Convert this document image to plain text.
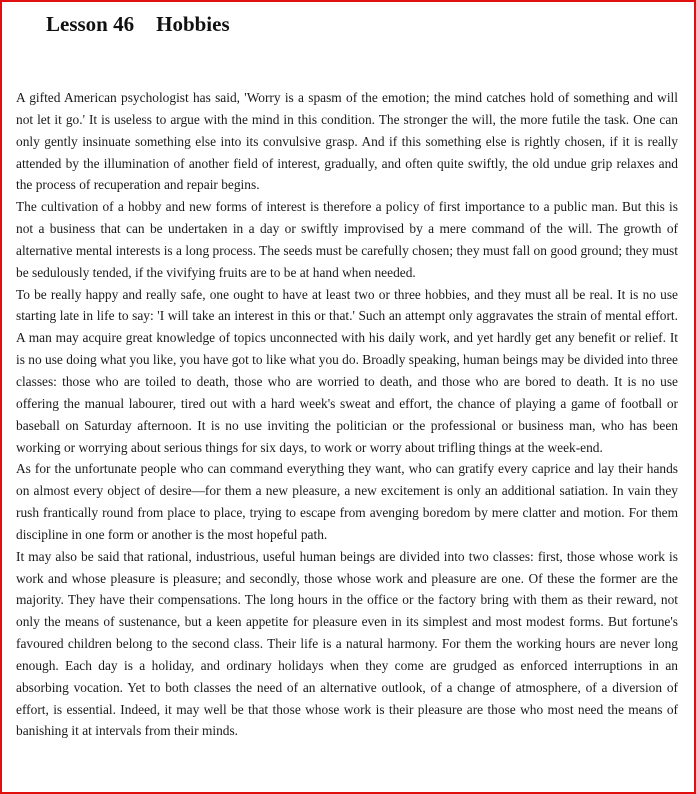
Lesson 46 Hobbies

A gifted American psychologist has said, 'Worry is a spasm of the emotion; the mind catches hold of something and will not let it go.' It is useless to argue with the mind in this condition. The stronger the will, the more futile the task. One can only gently insinuate something else into its convulsive grasp. And if this something else is rightly chosen, if it is really attended by the illumination of another field of interest, gradually, and often quite swiftly, the old undue grip relaxes and the process of recuperation and repair begins.

The cultivation of a hobby and new forms of interest is therefore a policy of first importance to a public man. But this is not a business that can be undertaken in a day or swiftly improvised by a mere command of the will. The growth of alternative mental interests is a long process. The seeds must be carefully chosen; they must fall on good ground; they must be sedulously tended, if the vivifying fruits are to be at hand when needed.

To be really happy and really safe, one ought to have at least two or three hobbies, and they must all be real. It is no use starting late in life to say: 'I will take an interest in this or that.' Such an attempt only aggravates the strain of mental effort. A man may acquire great knowledge of topics unconnected with his daily work, and yet hardly get any benefit or relief. It is no use doing what you like, you have got to like what you do. Broadly speaking, human beings may be divided into three classes: those who are toiled to death, those who are worried to death, and those who are bored to death. It is no use offering the manual labourer, tired out with a hard week's sweat and effort, the chance of playing a game of football or baseball on Saturday afternoon. It is no use inviting the politician or the professional or business man, who has been working or worrying about serious things for six days, to work or worry about trifling things at the week-end.

As for the unfortunate people who can command everything they want, who can gratify every caprice and lay their hands on almost every object of desire—for them a new pleasure, a new excitement is only an additional satiation. In vain they rush frantically round from place to place, trying to escape from avenging boredom by mere clatter and motion. For them discipline in one form or another is the most hopeful path.

It may also be said that rational, industrious, useful human beings are divided into two classes: first, those whose work is work and whose pleasure is pleasure; and secondly, those whose work and pleasure are one. Of these the former are the majority. They have their compensations. The long hours in the office or the factory bring with them as their reward, not only the means of sustenance, but a keen appetite for pleasure even in its simplest and most modest forms. But fortune's favoured children belong to the second class. Their life is a natural harmony. For them the working hours are never long enough. Each day is a holiday, and ordinary holidays when they come are grudged as enforced interruptions in an absorbing vocation. Yet to both classes the need of an alternative outlook, of a change of atmosphere, of a diversion of effort, is essential. Indeed, it may well be that those whose work is their pleasure are those who most need the means of banishing it at intervals from their minds.
